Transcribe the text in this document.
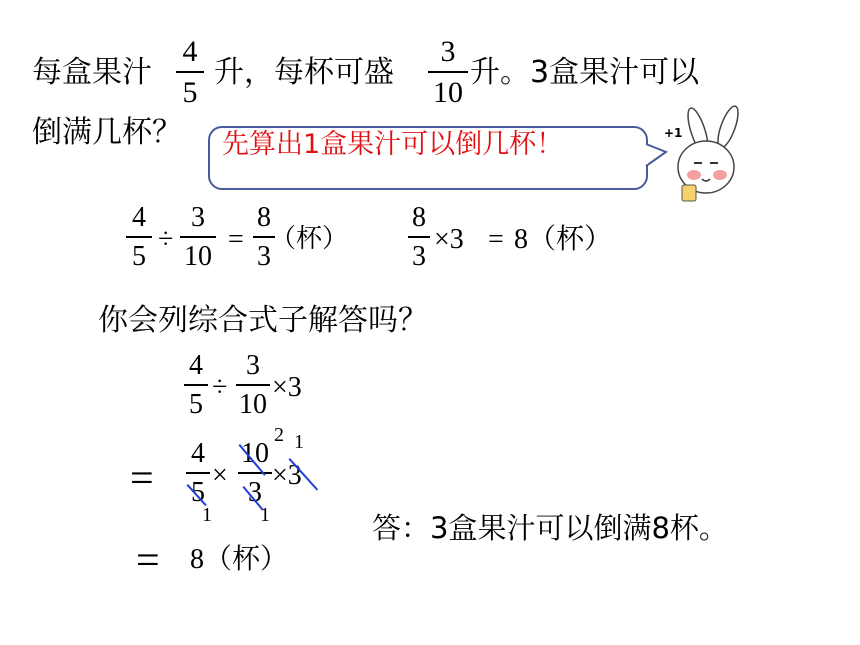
每盒果汁
4
5
升，每杯可盛
3
10
升。3盒果汁可以
倒满几杯？ 先算出1盒果汁可以倒几杯！	+1
4
5
÷
3
10
=
8
3
（杯）
8
3
×3 = 8（杯）
你会列综合式子解答吗？
4
5
÷
3
10
×3
=
4
5
×
10
3
×3
1 1
2 1
= 8（杯）
答：3盒果汁可以倒满8杯。
